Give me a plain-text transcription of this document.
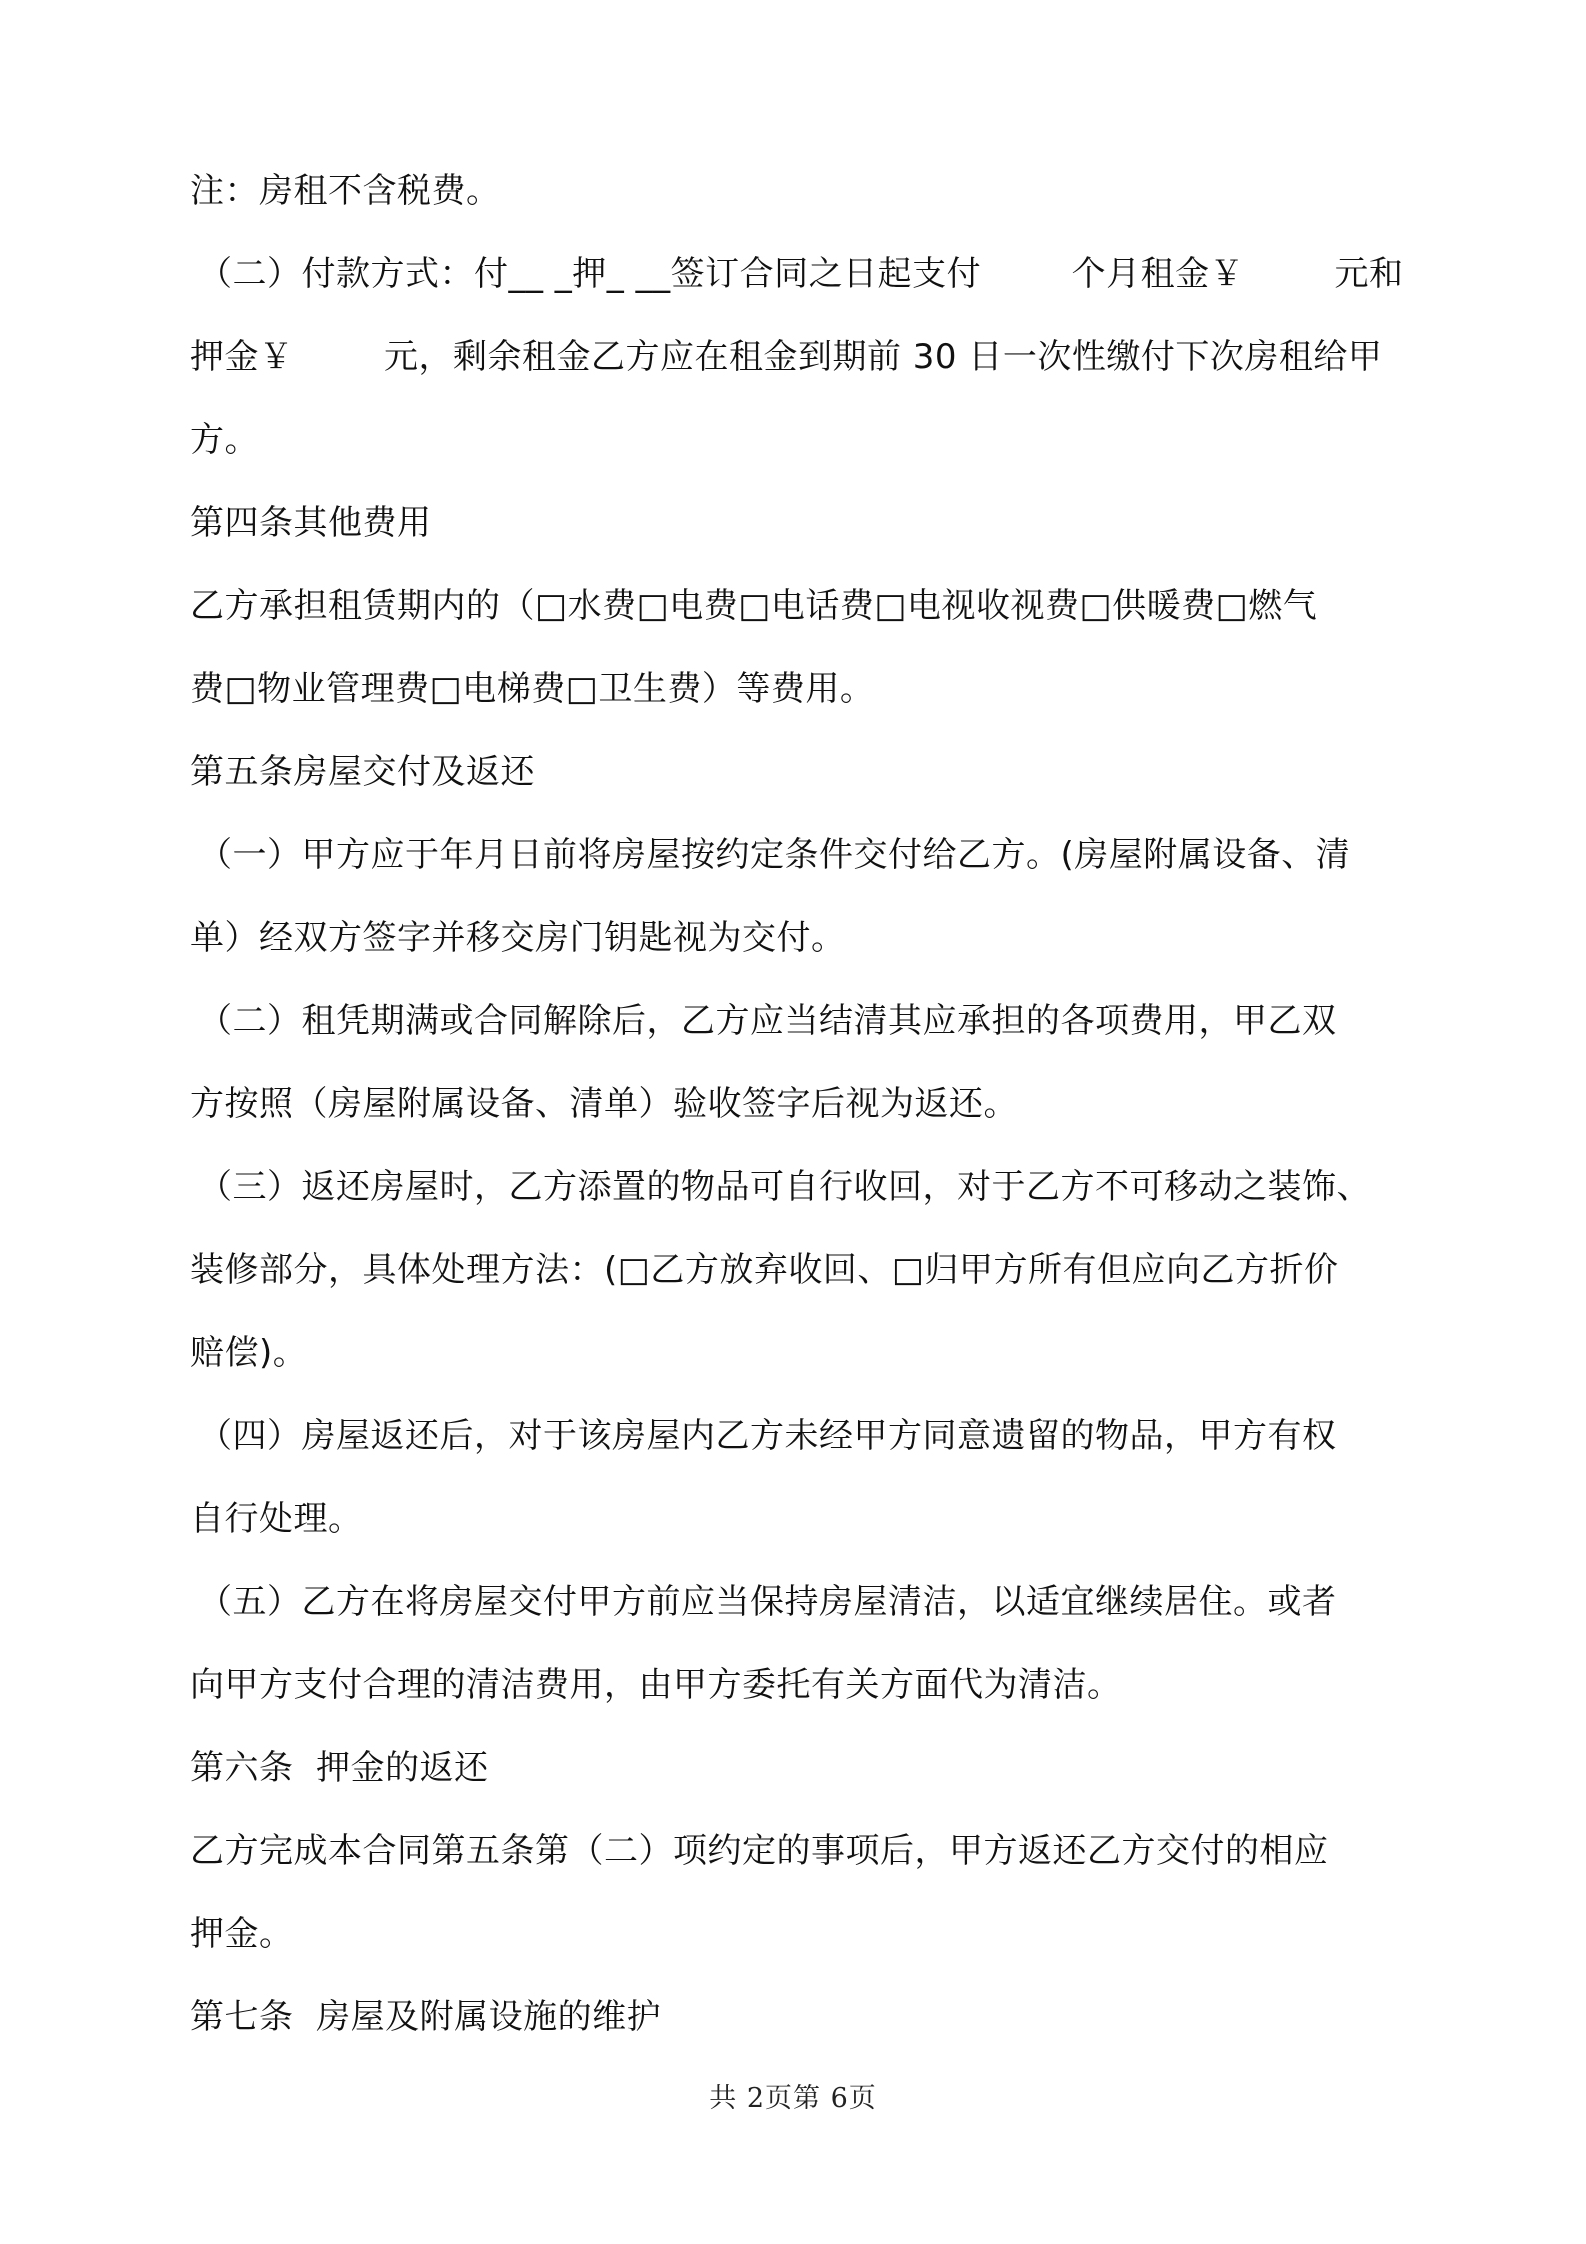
注：房租不含税费。
（二）付款方式：付__ _押_ __签订合同之日起支付        个月租金￥        元和
押金￥        元，剩余租金乙方应在租金到期前 30 日一次性缴付下次房租给甲
方。
第四条其他费用
乙方承担租赁期内的（□水费□电费□电话费□电视收视费□供暖费□燃气
费□物业管理费□电梯费□卫生费）等费用。
第五条房屋交付及返还
（一）甲方应于年月日前将房屋按约定条件交付给乙方。(房屋附属设备、清
单）经双方签字并移交房门钥匙视为交付。
（二）租凭期满或合同解除后，乙方应当结清其应承担的各项费用，甲乙双
方按照（房屋附属设备、清单）验收签字后视为返还。
（三）返还房屋时，乙方添置的物品可自行收回，对于乙方不可移动之装饰、
装修部分，具体处理方法：(□乙方放弃收回、□归甲方所有但应向乙方折价
赔偿)。
（四）房屋返还后，对于该房屋内乙方未经甲方同意遗留的物品，甲方有权
自行处理。
（五）乙方在将房屋交付甲方前应当保持房屋清洁，以适宜继续居住。或者
向甲方支付合理的清洁费用，由甲方委托有关方面代为清洁。
第六条  押金的返还
乙方完成本合同第五条第（二）项约定的事项后，甲方返还乙方交付的相应
押金。
第七条  房屋及附属设施的维护
共 2页第 6页
